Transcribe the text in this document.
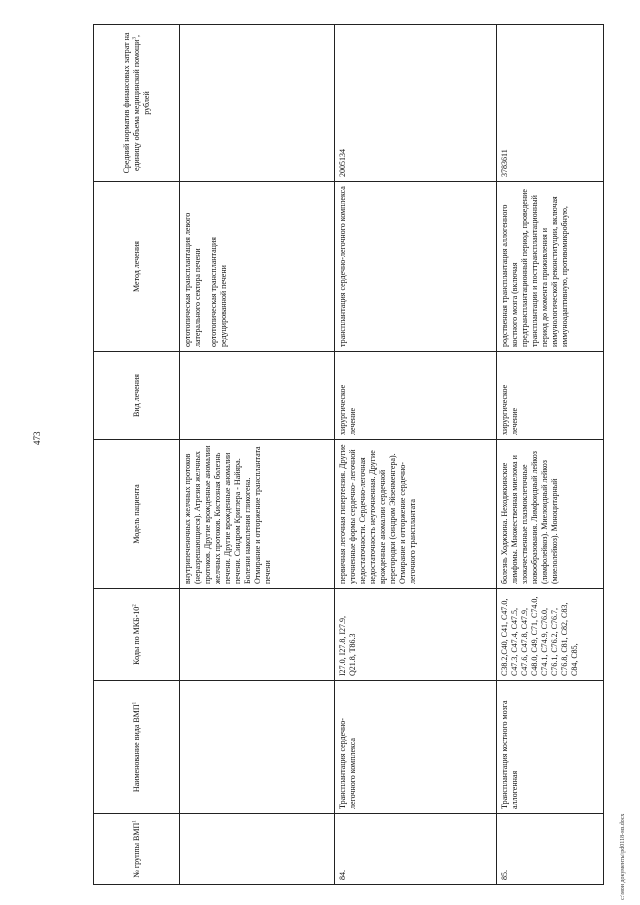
473
№ группы ВМП$^1$	Наименование вида ВМП$^1$	Коды по МКБ-$10^2$	Модель пациента	Вид лечения	Метод лечения	Средний норматив финансовых затрат на единицу объема медицинской помощи$^3$, рублей
			внутрипеченочных желчных протоков (неразрешающиеся). Атрезия желчных протоков. Другие врожденные аномалии желчных протоков. Кистозная болезнь печени. Другие врожденные аномалии печени. Синдром Криглера - Найяра. Болезни накопления гликогена. Отмирание и отторжение трансплантата печени		ортотопическая трансплантация левого латерального сектора печени ортотопическая трансплантация редуцированной печени	

84.	Трансплантация сердечно-легочного комплекса	I27.0, I27.8, I27.9, Q21.8, T86.3	первичная легочная гипертензия. Другие уточненные формы сердечно- легочной недостаточности. Сердечно-легочная недостаточность неуточненная. Другие врожденные аномалии сердечной перегородки (синдром Эйзенменгера). Отмирание и отторжение сердечно-легочного трансплантата	хирургическое лечение	трансплантация сердечно-легочного комплекса	2005134
85.	Трансплантация костного мозга аллогенная	C38.2,C40, C41, C47.0, C47.3, C47.4, C47.5, C47.6, C47.8, C47.9, C48.0, C49, C71, C74.0, C74.1, C74.9, C76.0, C76.1, C76.2, C76.7, C76.8, C81, C82, C83, C84, C85,	болезнь Ходжкина. Неходжкинские лимфомы. Множественная миелома и злокачественные плазмоклеточные новообразования. Лимфоидный лейкоз (лимфолейкоз). Миелоидный лейкоз (миелолейкоз). Моноцитарный	хирургическое лечение	родственная трансплантация аллогенного костного мозга (включая предтрансплантационный период, проведение трансплантации и посттрансплантационный период до момента приживления и иммунологической реконституции, включая иммуноадаптивную, противомикробную,	3783611
c:\мои документы\pd0118-мз.docx
